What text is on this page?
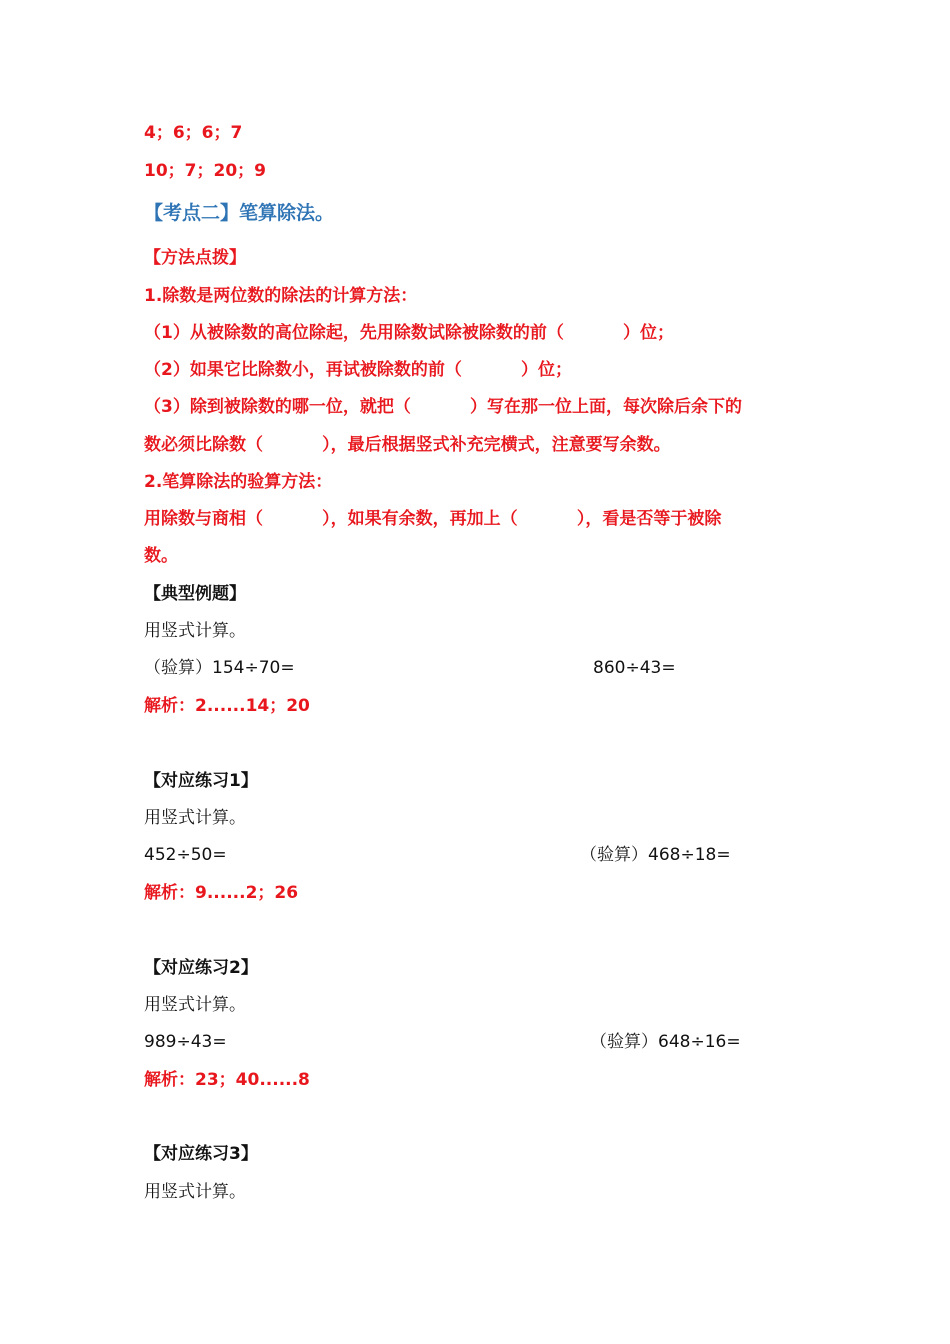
4；6；6；7
10；7；20；9
【考点二】笔算除法。
【方法点拨】
1.除数是两位数的除法的计算方法：
（1）从被除数的高位除起，先用除数试除被除数的前（          ）位；
（2）如果它比除数小，再试被除数的前（          ）位；
（3）除到被除数的哪一位，就把（          ）写在那一位上面，每次除后余下的
数必须比除数（          ），最后根据竖式补充完横式，注意要写余数。
2.笔算除法的验算方法：
用除数与商相（          ），如果有余数，再加上（          ），看是否等于被除
数。
【典型例题】
用竖式计算。
（验算）154÷70=	860÷43=
解析：2......14；20
【对应练习1】
用竖式计算。
452÷50=	（验算）468÷18=
解析：9......2；26
【对应练习2】
用竖式计算。
989÷43=	（验算）648÷16=
解析：23；40......8
【对应练习3】
用竖式计算。
